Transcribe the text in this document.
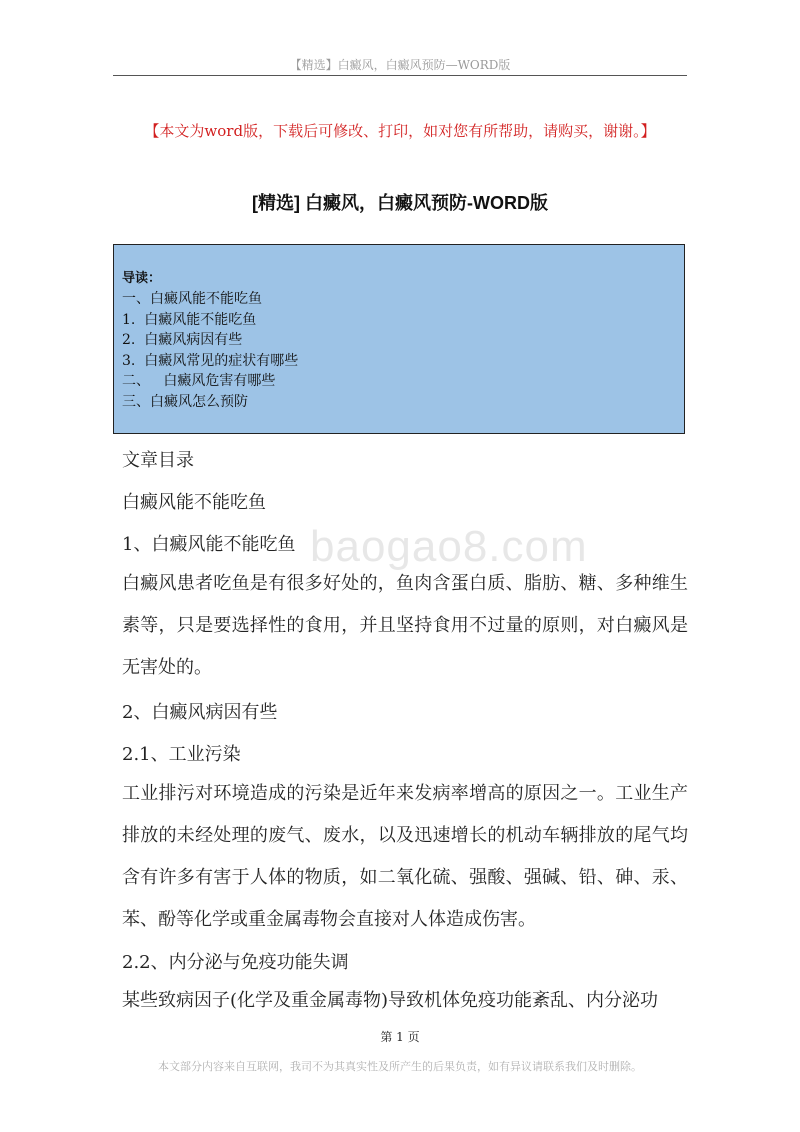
【精选】白癜风，白癜风预防—WORD版
【本文为word版，下载后可修改、打印，如对您有所帮助，请购买，谢谢。】
[精选] 白癜风，白癜风预防-WORD版
导读：
一、白癜风能不能吃鱼
1.  白癜风能不能吃鱼
2.  白癜风病因有些
3.  白癜风常见的症状有哪些
二、   白癜风危害有哪些
三、白癜风怎么预防
文章目录
白癜风能不能吃鱼
1、白癜风能不能吃鱼 baogao8.com
白癜风患者吃鱼是有很多好处的，鱼肉含蛋白质、脂肪、糖、多种维生素等，只是要选择性的食用，并且坚持食用不过量的原则，对白癜风是无害处的。
2、白癜风病因有些
2.1、工业污染
工业排污对环境造成的污染是近年来发病率增高的原因之一。工业生产排放的未经处理的废气、废水，以及迅速增长的机动车辆排放的尾气均含有许多有害于人体的物质，如二氧化硫、强酸、强碱、铅、砷、汞、苯、酚等化学或重金属毒物会直接对人体造成伤害。
2.2、内分泌与免疫功能失调
某些致病因子(化学及重金属毒物)导致机体免疫功能紊乱、内分泌功
第 1 页
本文部分内容来自互联网，我司不为其真实性及所产生的后果负责，如有异议请联系我们及时删除。
